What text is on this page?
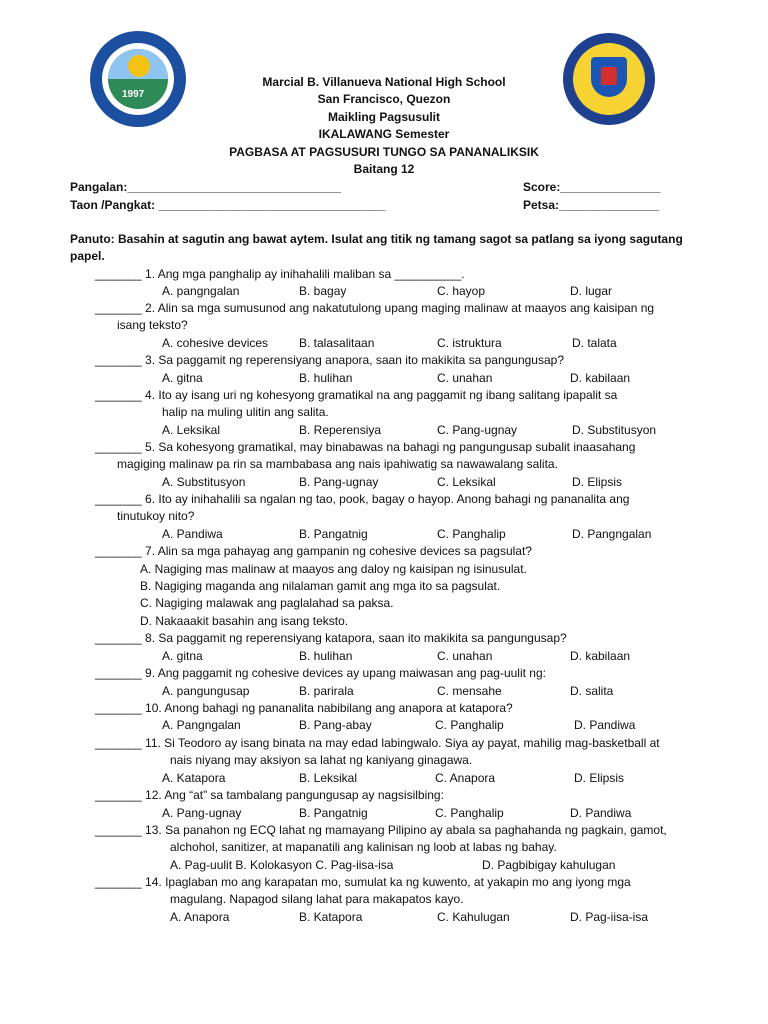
1997
Marcial B. Villanueva National High School
San Francisco, Quezon
Maikling Pagsusulit
IKALAWANG Semester
PAGBASA AT PAGSUSURI TUNGO SA PANANALIKSIK
Baitang 12
Pangalan:________________________________
Taon /Pangkat: __________________________________
Score:_______________
Petsa:_______________
Panuto: Basahin at sagutin ang bawat aytem. Isulat ang titik ng tamang sagot sa patlang sa iyong sagutang
papel.
_______ 1. Ang mga panghalip ay inihahalili maliban sa __________.
A. pangngalan	B. bagay	C. hayop	D. lugar
_______ 2. Alin sa mga sumusunod ang nakatutulong upang maging malinaw at maayos ang kaisipan ng
isang teksto?
A. cohesive devices	B. talasalitaan	C. istruktura	D. talata
_______ 3. Sa paggamit ng reperensiyang anapora, saan ito makikita sa pangungusap?
A. gitna	B. hulihan	C. unahan	D. kabilaan
_______ 4. Ito ay isang uri ng kohesyong gramatikal na ang paggamit ng ibang salitang ipapalit sa
halip na muling ulitin ang salita.
A. Leksikal	B. Reperensiya	C. Pang-ugnay	D. Substitusyon
_______ 5. Sa kohesyong gramatikal, may binabawas na bahagi ng pangungusap subalit inaasahang
magiging malinaw pa rin sa mambabasa ang nais ipahiwatig sa nawawalang salita.
A. Substitusyon	B. Pang-ugnay	C. Leksikal	D. Elipsis
_______ 6. Ito ay inihahalili sa ngalan ng tao, pook, bagay o hayop. Anong bahagi ng pananalita ang
tinutukoy nito?
A. Pandiwa	B. Pangatnig	C. Panghalip	D. Pangngalan
_______ 7. Alin sa mga pahayag ang gampanin ng cohesive devices sa pagsulat?
A. Nagiging mas malinaw at maayos ang daloy ng kaisipan ng isinusulat.
B. Nagiging maganda ang nilalaman gamit ang mga ito sa pagsulat.
C. Nagiging malawak ang paglalahad sa paksa.
D. Nakaaakit basahin ang isang teksto.
_______ 8. Sa paggamit ng reperensiyang katapora, saan ito makikita sa pangungusap?
A. gitna	B. hulihan	C. unahan	D. kabilaan
_______ 9. Ang paggamit ng cohesive devices ay upang maiwasan ang pag-uulit ng:
A. pangungusap	B. parirala	C. mensahe	D. salita
_______ 10. Anong bahagi ng pananalita nabibilang ang anapora at katapora?
A. Pangngalan	B. Pang-abay	C. Panghalip	D. Pandiwa
_______ 11. Si Teodoro ay isang binata na may edad labingwalo. Siya ay payat, mahilig mag-basketball at
nais niyang may aksiyon sa lahat ng kaniyang ginagawa.
A. Katapora	B. Leksikal	C. Anapora	D. Elipsis
_______ 12. Ang “at” sa tambalang pangungusap ay nagsisilbing:
A. Pang-ugnay	B. Pangatnig	C. Panghalip	D. Pandiwa
_______ 13. Sa panahon ng ECQ lahat ng mamayang Pilipino ay abala sa paghahanda ng pagkain, gamot,
alchohol, sanitizer, at mapanatili ang kalinisan ng loob at labas ng bahay.
A. Pag-uulit B. Kolokasyon C. Pag-iisa-isa	D. Pagbibigay kahulugan
_______ 14. Ipaglaban mo ang karapatan mo, sumulat ka ng kuwento, at yakapin mo ang iyong mga
magulang. Napagod silang lahat para makapatos kayo.
A. Anapora	B. Katapora	C. Kahulugan	D. Pag-iisa-isa
